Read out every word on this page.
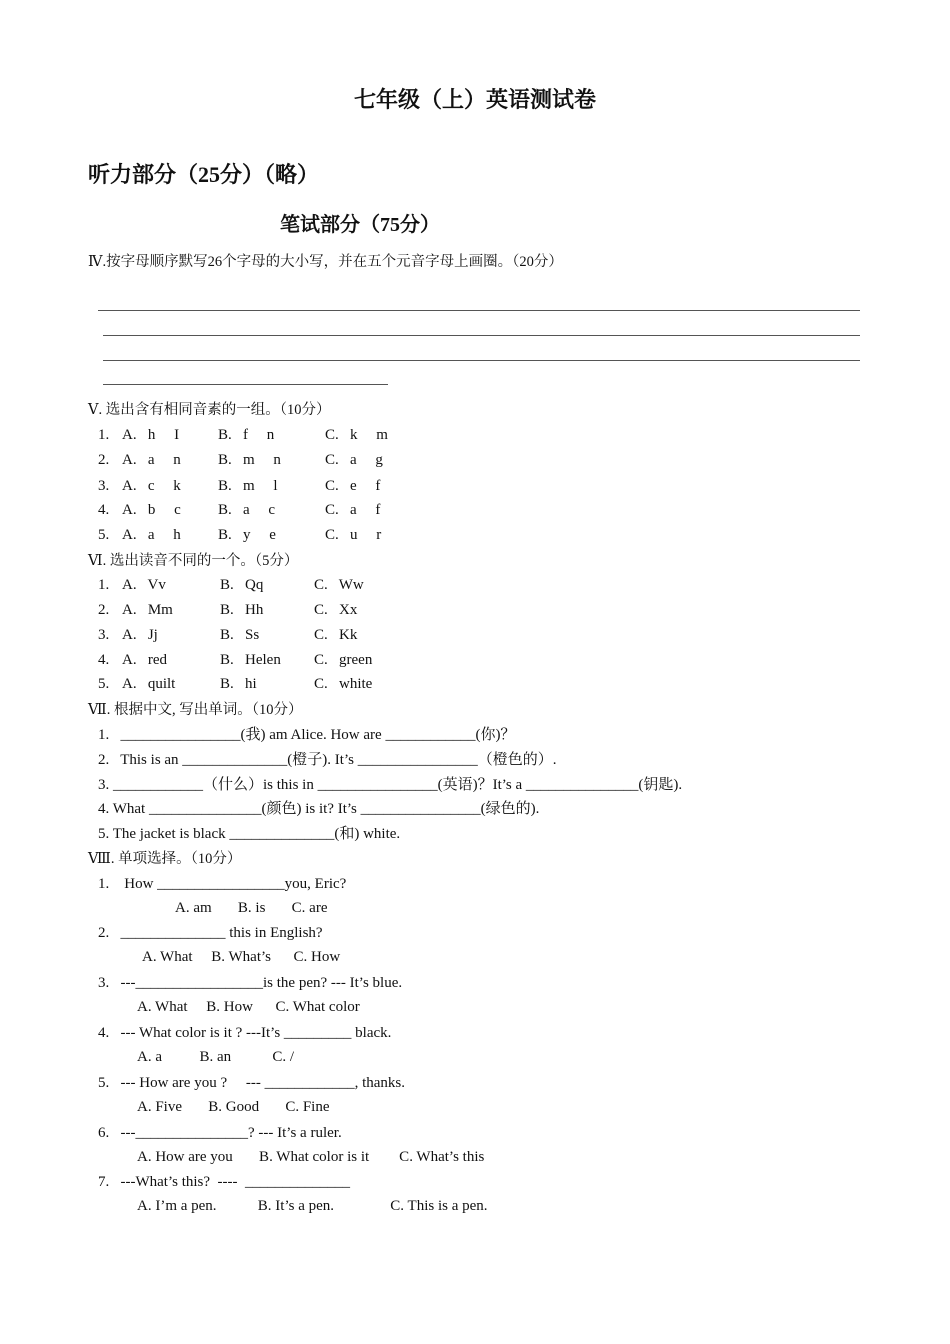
七年级（上）英语测试卷
听力部分（25分）（略）
笔试部分（75分）
Ⅳ.按字母顺序默写26个字母的大小写，并在五个元音字母上画圈。（20分）
Ⅴ. 选出含有相同音素的一组。（10分）
1. A.   h     I	B.   f     n	C.   k     m
2. A.   a     n B.   m     n	C.   a     g
3. A.   c     k B.   m     l	C.   e     f
4. A.   b     c B.   a     c	C.   a     f
5. A.   a     h B.   y     e	C.   u     r
Ⅵ. 选出读音不同的一个。（5分）
1. A.   Vv	B.   Qq	C.   Ww
2. A.   Mm	B.   Hh	C.   Xx
3. A.   Jj	B.   Ss	C.   Kk
4. A.   red	B.   Helen C.   green
5. A.   quilt	B.   hi	C.   white
Ⅶ. 根据中文, 写出单词。（10分）
1.   ________________(我) am Alice. How are ____________(你)？
2.   This is an ______________(橙子). It’s ________________（橙色的）.
3. ____________（什么）is this in ________________(英语)？It’s a _______________(钥匙).
4. What _______________(颜色) is it? It’s ________________(绿色的).
5. The jacket is black ______________(和) white.
Ⅷ. 单项选择。（10分）
1.    How _________________you, Eric?
A. am       B. is       C. are
2.   ______________ this in English?
A. What     B. What’s      C. How
3.   ---_________________is the pen? --- It’s blue.
A. What     B. How      C. What color
4.   --- What color is it ? ---It’s _________ black.
A. a          B. an           C. /
5.   --- How are you ?     --- ____________, thanks.
A. Five       B. Good       C. Fine
6.   ---_______________? --- It’s a ruler.
A. How are you       B. What color is it        C. What’s this
7.   ---What’s this?  ----  ______________
A. I’m a pen.           B. It’s a pen.               C. This is a pen.
